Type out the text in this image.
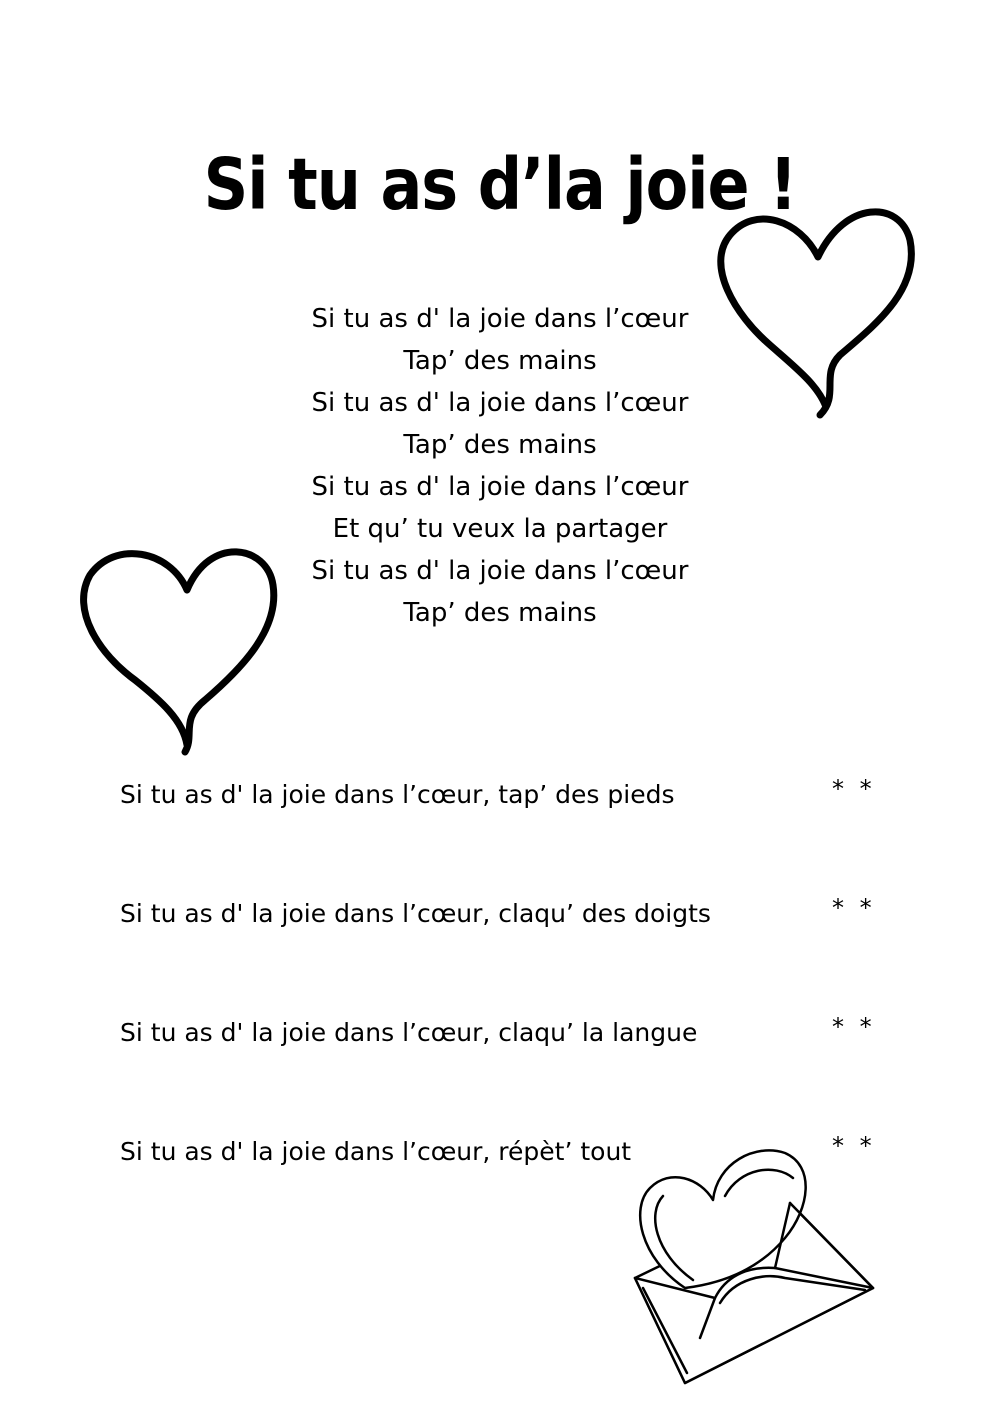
Si tu as d’la joie !
Si tu as d' la joie dans l’cœur
Tap’ des mains
Si tu as d' la joie dans l’cœur
Tap’ des mains
Si tu as d' la joie dans l’cœur
Et qu’ tu veux la partager
Si tu as d' la joie dans l’cœur
Tap’ des mains
Si tu as d' la joie dans l’cœur, tap’ des pieds	* *
Si tu as d' la joie dans l’cœur, claqu’ des doigts	* *
Si tu as d' la joie dans l’cœur, claqu’ la langue	* *
Si tu as d' la joie dans l’cœur, répèt’ tout	* *
